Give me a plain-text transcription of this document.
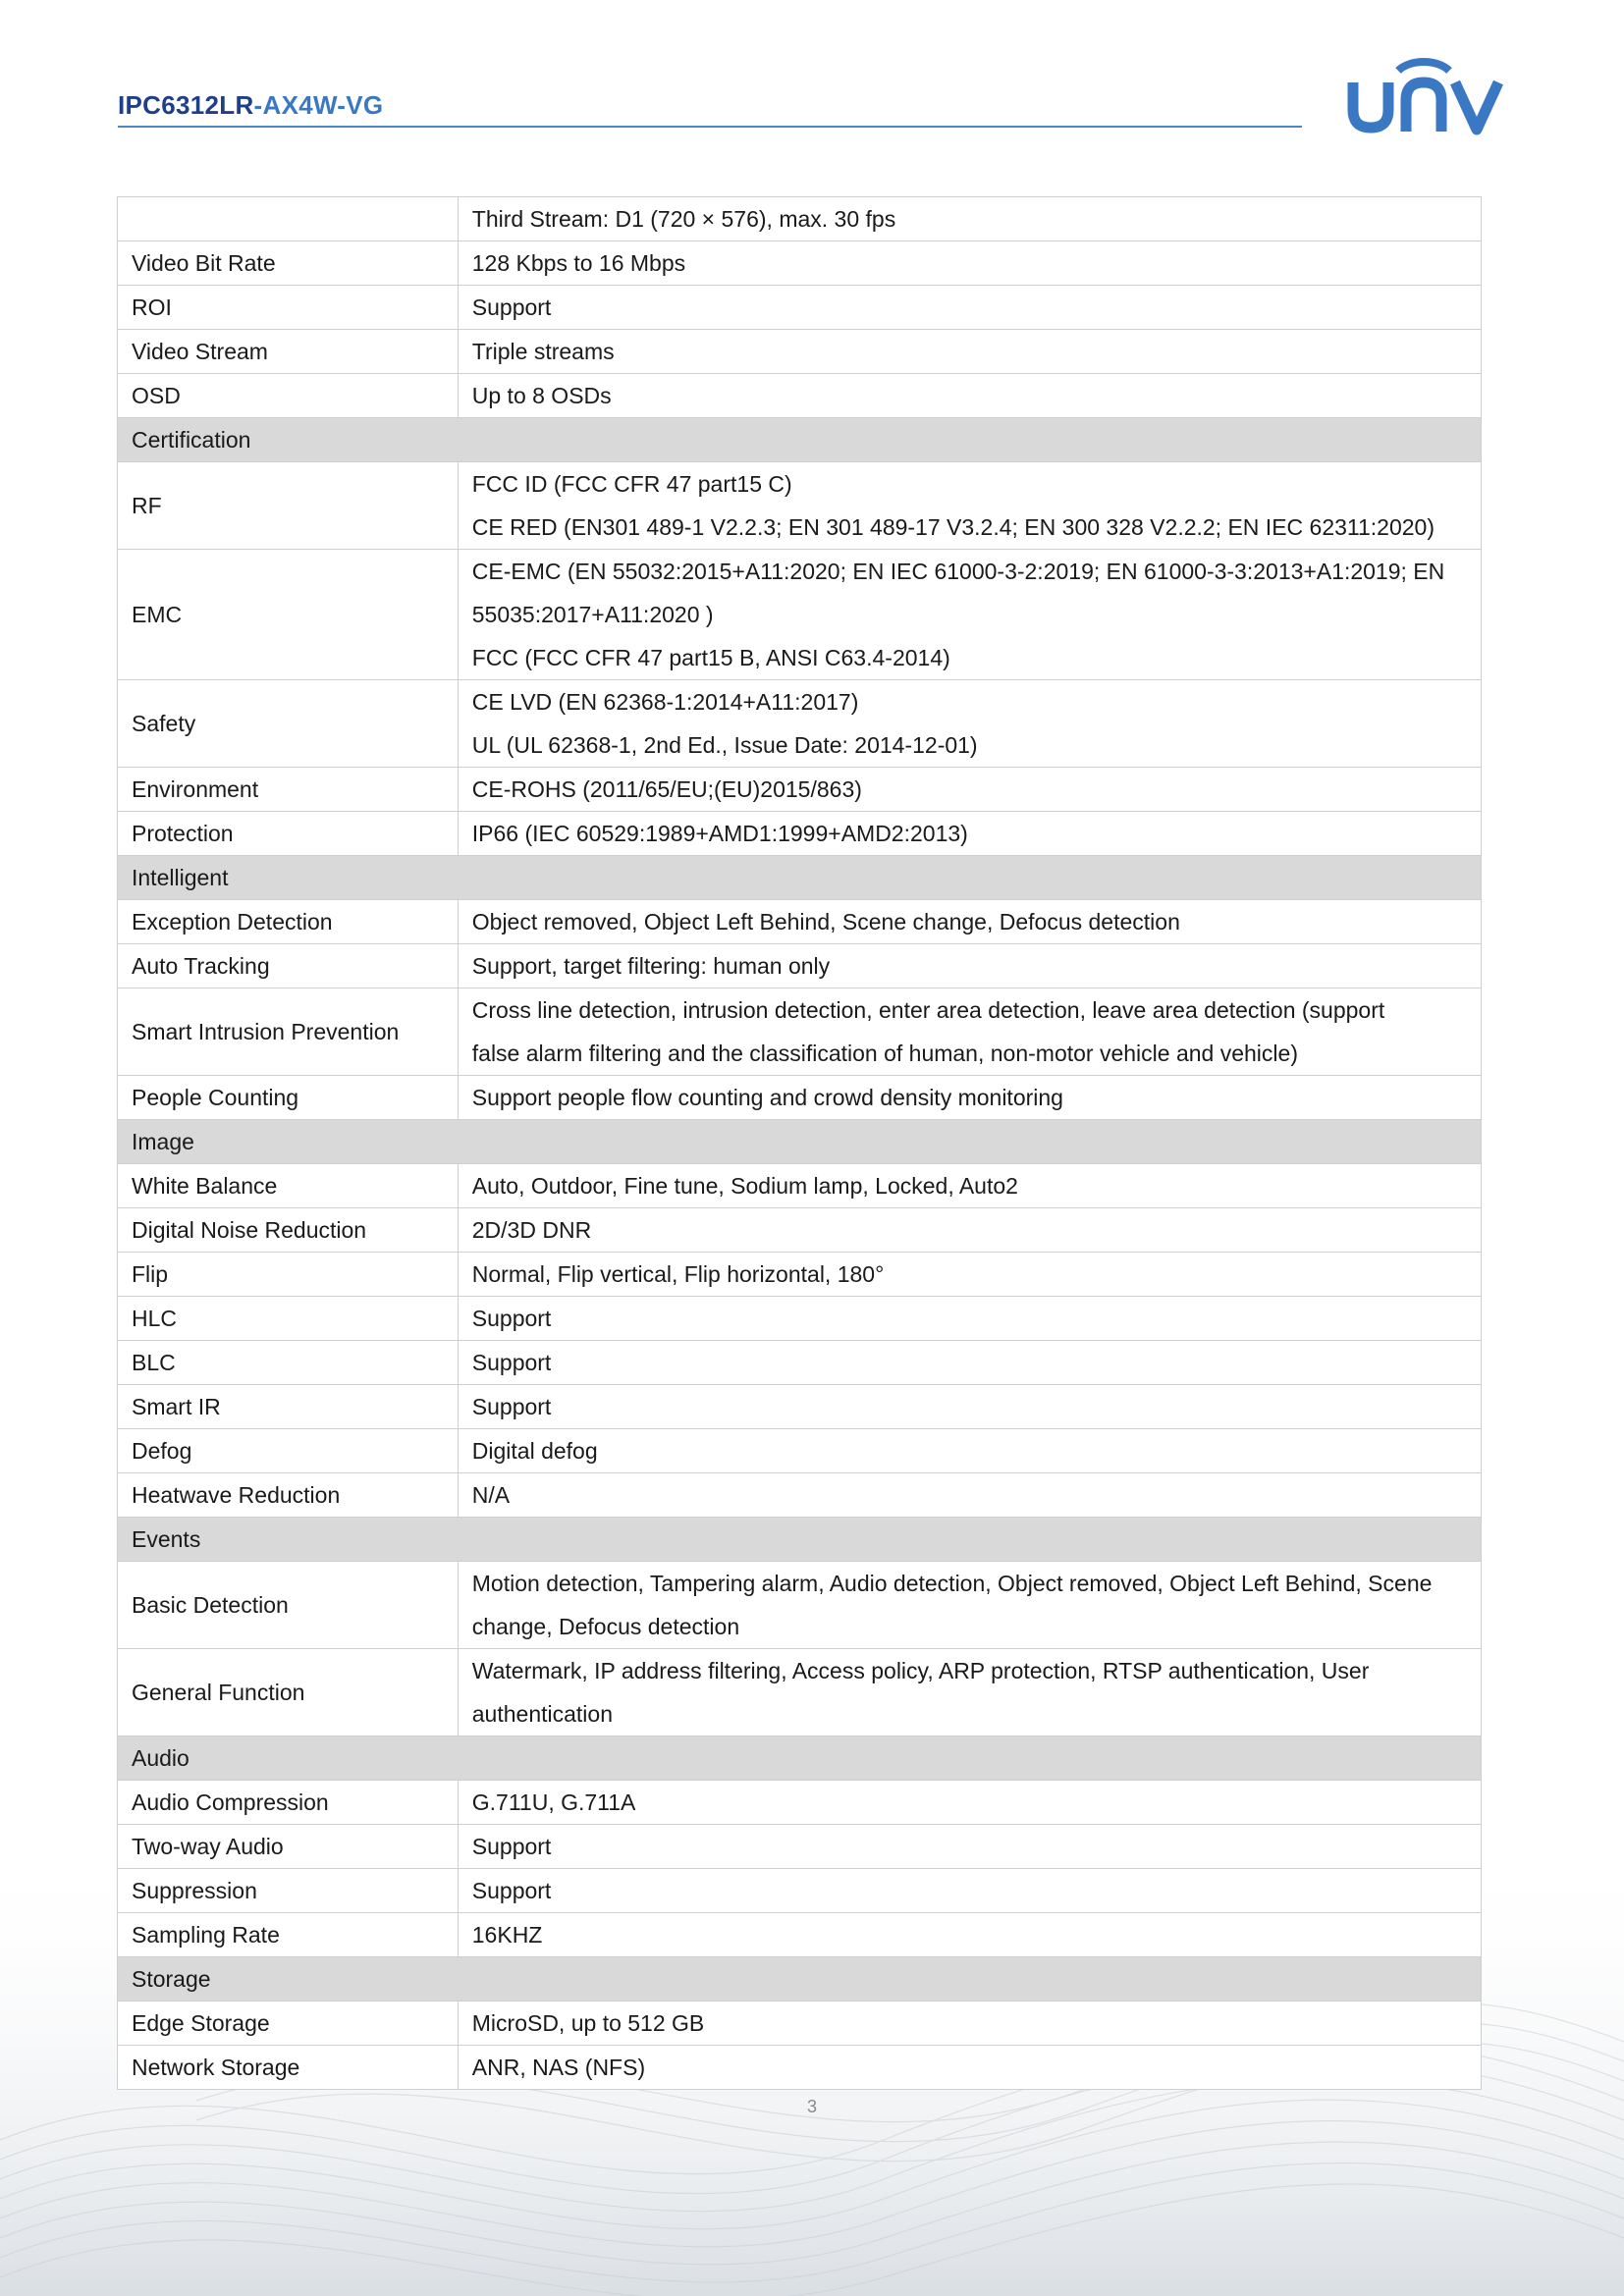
IPC6312LR-AX4W-VG

	Third Stream: D1 (720 × 576), max. 30 fps

Video Bit Rate	128 Kbps to 16 Mbps

ROI	Support

Video Stream	Triple streams

OSD	Up to 8 OSDs

Certification	
RF	FCC ID (FCC CFR 47 part15 C)
CE RED (EN301 489-1 V2.2.3; EN 301 489-17 V3.2.4; EN 300 328 V2.2.2; EN IEC 62311:2020)

EMC	CE-EMC (EN 55032:2015+A11:2020; EN IEC 61000-3-2:2019; EN 61000-3-3:2013+A1:2019; EN
55035:2017+A11:2020 )
FCC (FCC CFR 47 part15 B, ANSI C63.4-2014)

Safety	CE LVD (EN 62368-1:2014+A11:2017)
UL (UL 62368-1, 2nd Ed., Issue Date: 2014-12-01)

Environment	CE-ROHS (2011/65/EU;(EU)2015/863)

Protection	IP66 (IEC 60529:1989+AMD1:1999+AMD2:2013)

Intelligent	
Exception Detection	Object removed, Object Left Behind, Scene change, Defocus detection

Auto Tracking	Support, target filtering: human only

Smart Intrusion Prevention	Cross line detection, intrusion detection, enter area detection, leave area detection (support
false alarm filtering and the classification of human, non-motor vehicle and vehicle)

People Counting	Support people flow counting and crowd density monitoring

Image	
White Balance	Auto, Outdoor, Fine tune, Sodium lamp, Locked, Auto2

Digital Noise Reduction	2D/3D DNR

Flip	Normal, Flip vertical, Flip horizontal, 180°

HLC	Support

BLC	Support

Smart IR	Support

Defog	Digital defog

Heatwave Reduction	N/A

Events	
Basic Detection	Motion detection, Tampering alarm, Audio detection, Object removed, Object Left Behind, Scene
change, Defocus detection

General Function	Watermark, IP address filtering, Access policy, ARP protection, RTSP authentication, User
authentication

Audio	
Audio Compression	G.711U, G.711A

Two-way Audio	Support

Suppression	Support

Sampling Rate	16KHZ

Storage	
Edge Storage	MicroSD, up to 512 GB

Network Storage	ANR, NAS (NFS)
3
